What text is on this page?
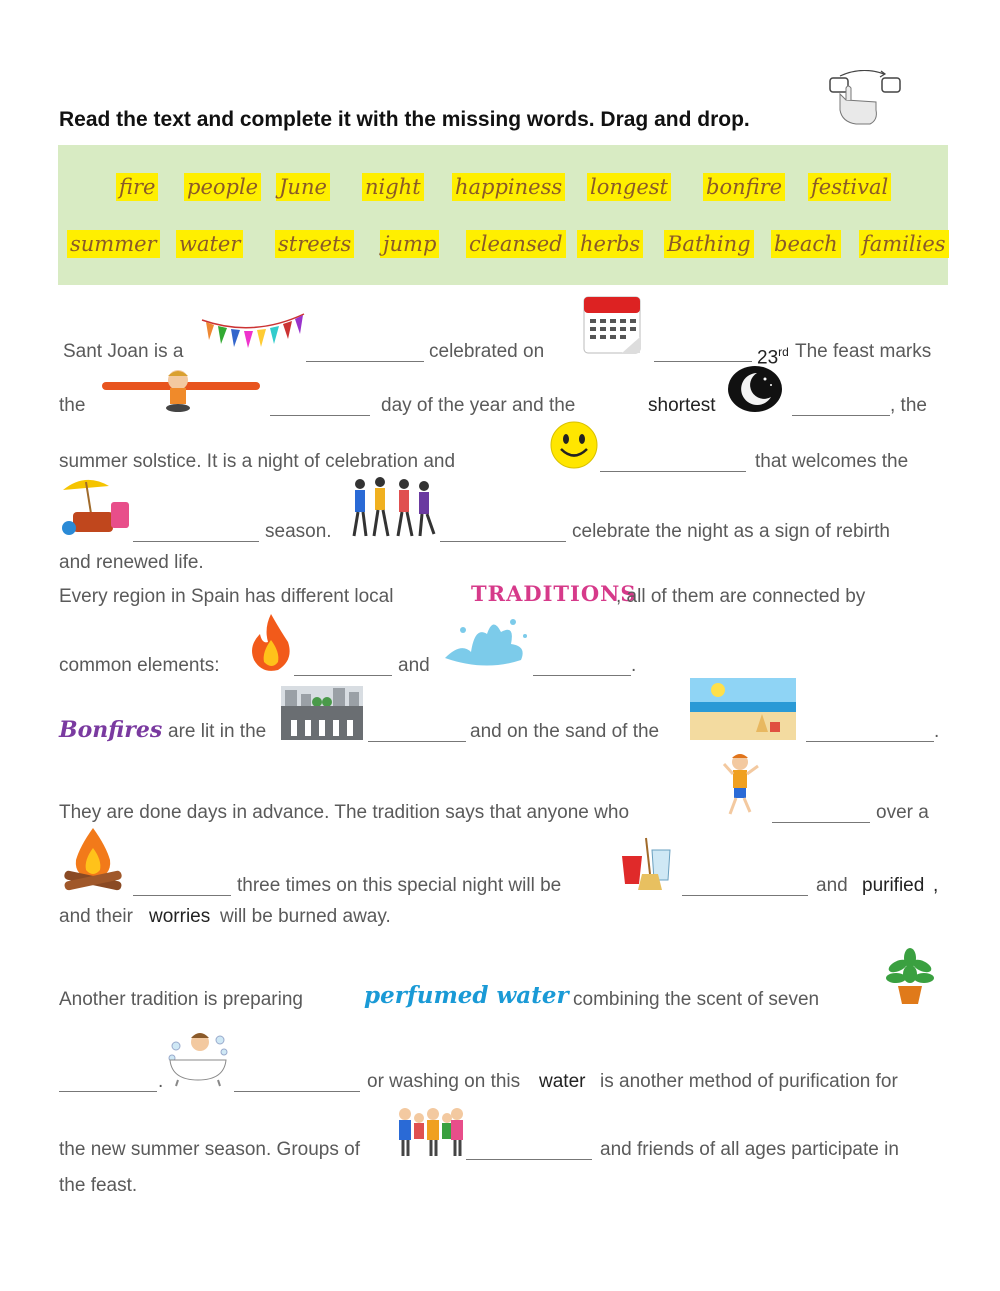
Read the text and complete it with the missing words. Drag and drop.
fire people June night happiness longest bonfire festival
summer water streets jump cleansed herbs Bathing beach families
Sant Joan is a	celebrated on	23rd The feast marks
the	day of the year and the	shortest	, the
summer solstice. It is a night of celebration and	that welcomes the
season.	celebrate the night as a sign of rebirth
and renewed life.
Every region in Spain has different local	TRADITIONS
, all of them are connected by
common elements:	and	.
Bonfires are lit in the	and on the sand of the	.
They are done days in advance. The tradition says that anyone who	over a
three times on this special night will be	and purified ,
and their worries will be burned away.
Another tradition is preparing	perfumed water combining the scent of seven
.	or washing on this water is another method of purification for
the new summer season. Groups of	and friends of all ages participate in
the feast.
